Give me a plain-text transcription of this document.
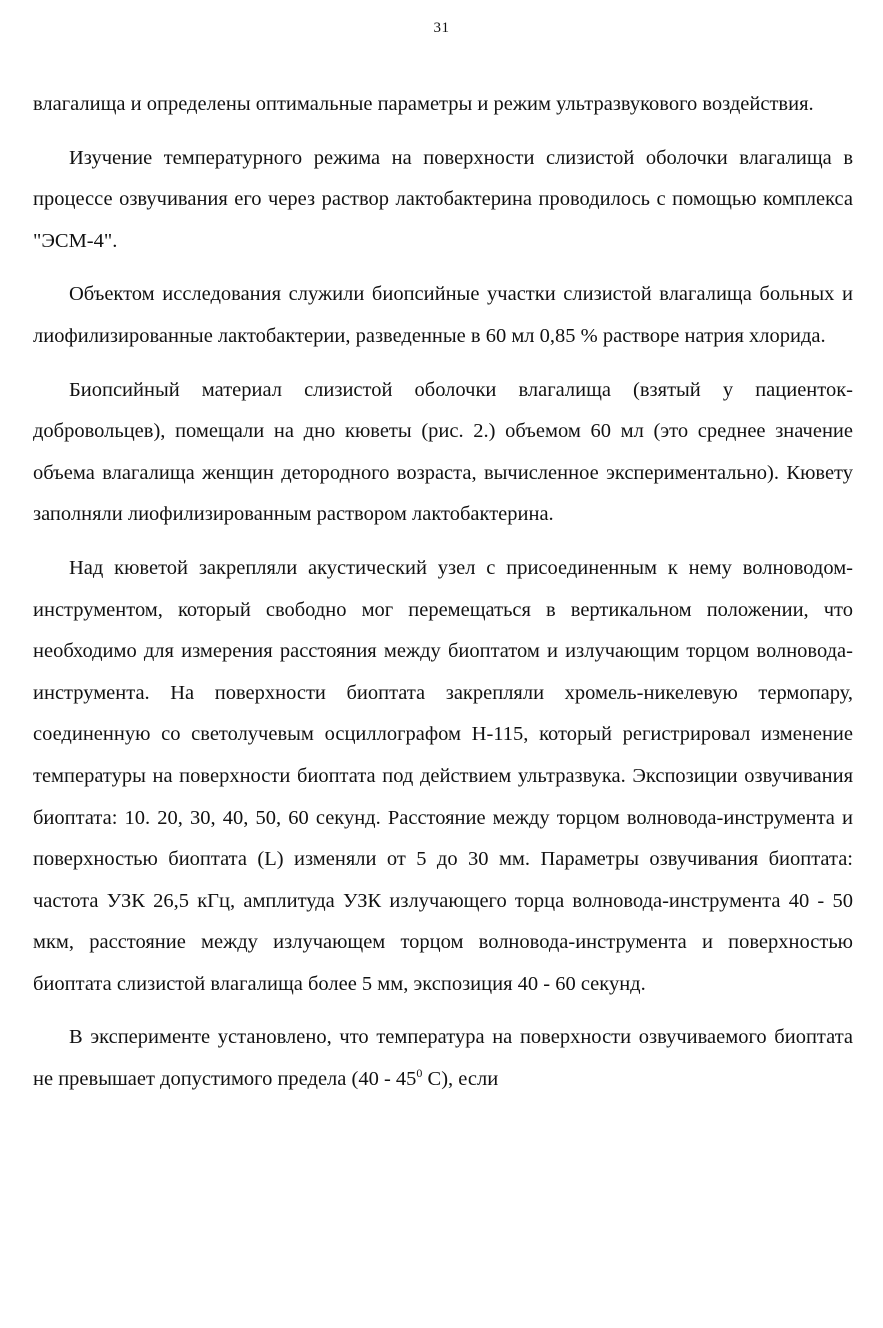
31

влагалища и определены оптимальные параметры и режим ультразвукового воздействия.

Изучение температурного режима на поверхности слизистой оболочки влагалища в процессе озвучивания его через раствор лактобактерина проводилось с помощью комплекса "ЭСМ-4".

Объектом исследования служили биопсийные участки слизистой влагалища больных и лиофилизированные лактобактерии, разведенные в 60 мл 0,85 % растворе натрия хлорида.

Биопсийный материал слизистой оболочки влагалища (взятый у пациенток-добровольцев), помещали на дно кюветы (рис. 2.) объемом 60 мл (это среднее значение объема влагалища женщин детородного возраста, вычисленное экспериментально). Кювету заполняли лиофилизированным раствором лактобактерина.

Над кюветой закрепляли акустический узел с присоединенным к нему волноводом-инструментом, который свободно мог перемещаться в вертикальном положении, что необходимо для измерения расстояния между биоптатом и излучающим торцом волновода-инструмента. На поверхности биоптата закрепляли хромель-никелевую термопару, соединенную со светолучевым осциллографом Н-115, который регистрировал изменение температуры на поверхности биоптата под действием ультразвука. Экспозиции озвучивания биоптата: 10. 20, 30, 40, 50, 60 секунд. Расстояние между торцом волновода-инструмента и поверхностью биоптата (L) изменяли от 5 до 30 мм. Параметры озвучивания биоптата: частота УЗК 26,5 кГц, амплитуда УЗК излучающего торца волновода-инструмента 40 - 50 мкм, расстояние между излучающем торцом волновода-инструмента и поверхностью биоптата слизистой влагалища более 5 мм, экспозиция 40 - 60 секунд.

В эксперименте установлено, что температура на поверхности озвучиваемого биоптата не превышает допустимого предела ($40 - 45^0$ С), если
